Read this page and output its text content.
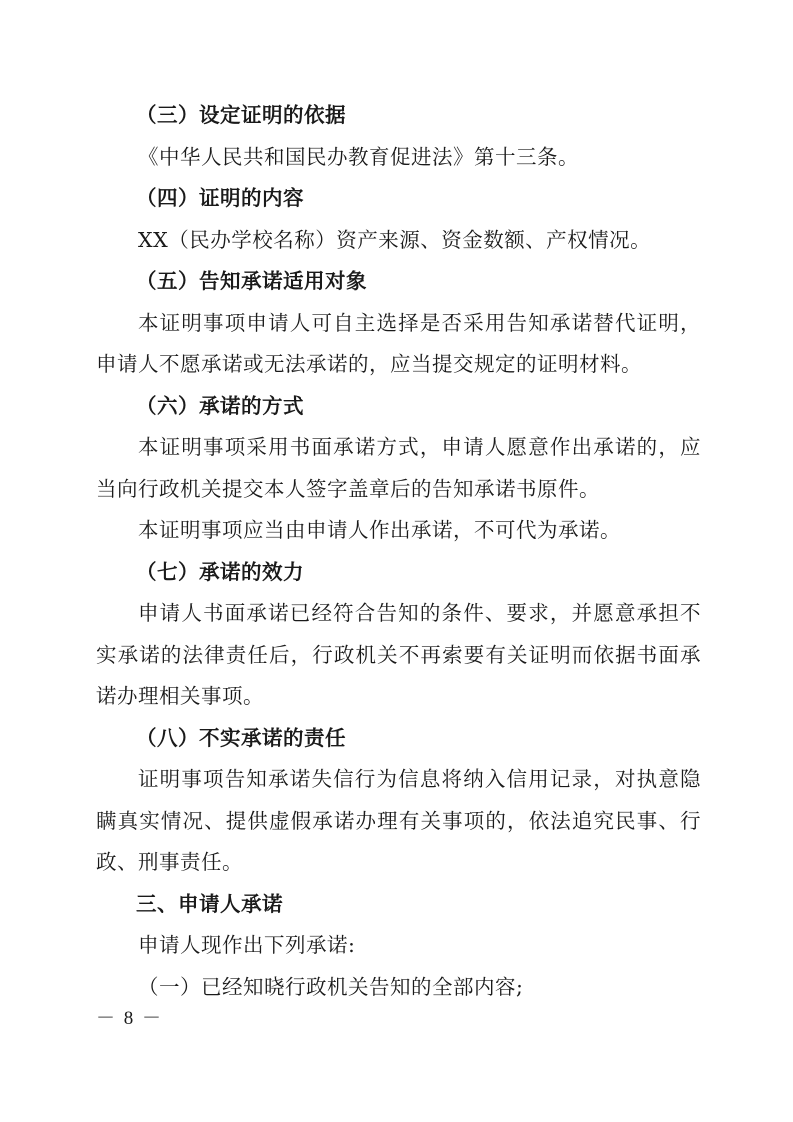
（三）设定证明的依据
《中华人民共和国民办教育促进法》第十三条。
（四）证明的内容
XX（民办学校名称）资产来源、资金数额、产权情况。
（五）告知承诺适用对象
本证明事项申请人可自主选择是否采用告知承诺替代证明，
申请人不愿承诺或无法承诺的，应当提交规定的证明材料。
（六）承诺的方式
本证明事项采用书面承诺方式，申请人愿意作出承诺的，应
当向行政机关提交本人签字盖章后的告知承诺书原件。
本证明事项应当由申请人作出承诺，不可代为承诺。
（七）承诺的效力
申请人书面承诺已经符合告知的条件、要求，并愿意承担不
实承诺的法律责任后，行政机关不再索要有关证明而依据书面承
诺办理相关事项。
（八）不实承诺的责任
证明事项告知承诺失信行为信息将纳入信用记录，对执意隐
瞒真实情况、提供虚假承诺办理有关事项的，依法追究民事、行
政、刑事责任。
三、申请人承诺
申请人现作出下列承诺:
（一）已经知晓行政机关告知的全部内容;
－ 8 －
